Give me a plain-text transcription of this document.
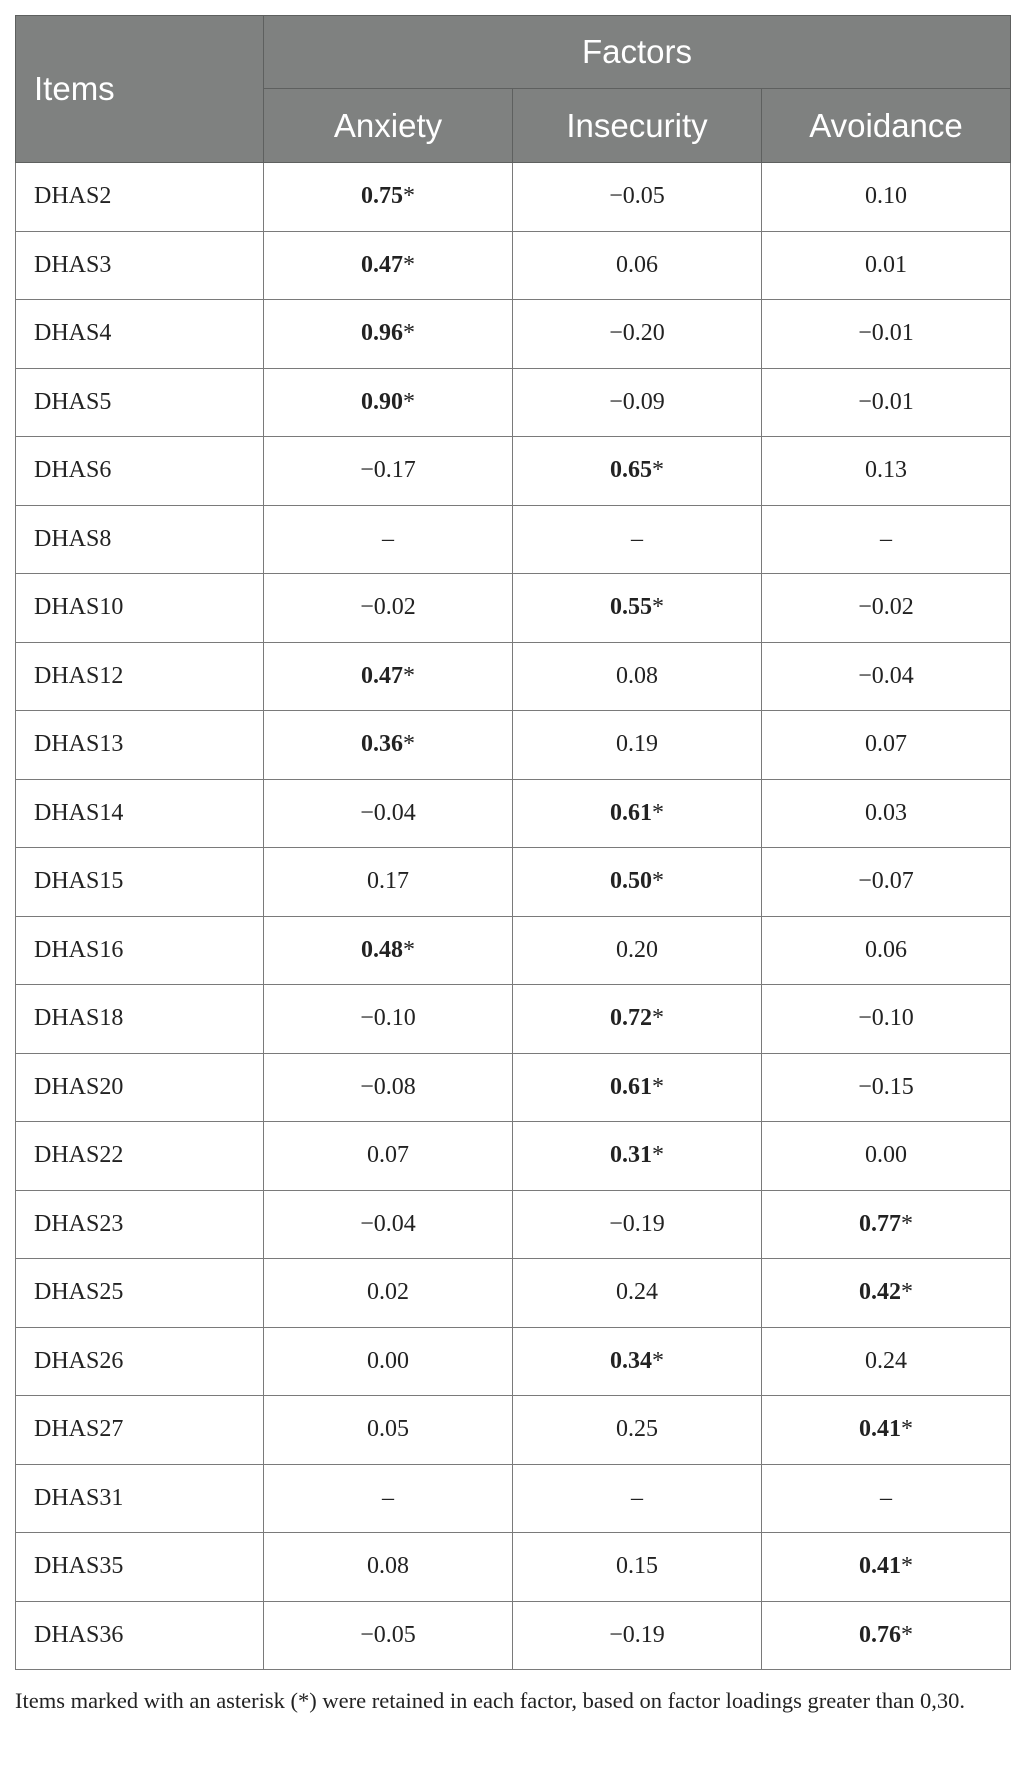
Items	Factors		
	Anxiety	Insecurity	Avoidance
DHAS2	0.75*	−0.05	0.10
DHAS3	0.47*	0.06	0.01
DHAS4	0.96*	−0.20	−0.01
DHAS5	0.90*	−0.09	−0.01
DHAS6	−0.17	0.65*	0.13
DHAS8	–	–	–
DHAS10	−0.02	0.55*	−0.02
DHAS12	0.47*	0.08	−0.04
DHAS13	0.36*	0.19	0.07
DHAS14	−0.04	0.61*	0.03
DHAS15	0.17	0.50*	−0.07
DHAS16	0.48*	0.20	0.06
DHAS18	−0.10	0.72*	−0.10
DHAS20	−0.08	0.61*	−0.15
DHAS22	0.07	0.31*	0.00
DHAS23	−0.04	−0.19	0.77*
DHAS25	0.02	0.24	0.42*
DHAS26	0.00	0.34*	0.24
DHAS27	0.05	0.25	0.41*
DHAS31	–	–	–
DHAS35	0.08	0.15	0.41*
DHAS36	−0.05	−0.19	0.76*
Items marked with an asterisk (*) were retained in each factor, based on factor loadings greater than 0,30.
